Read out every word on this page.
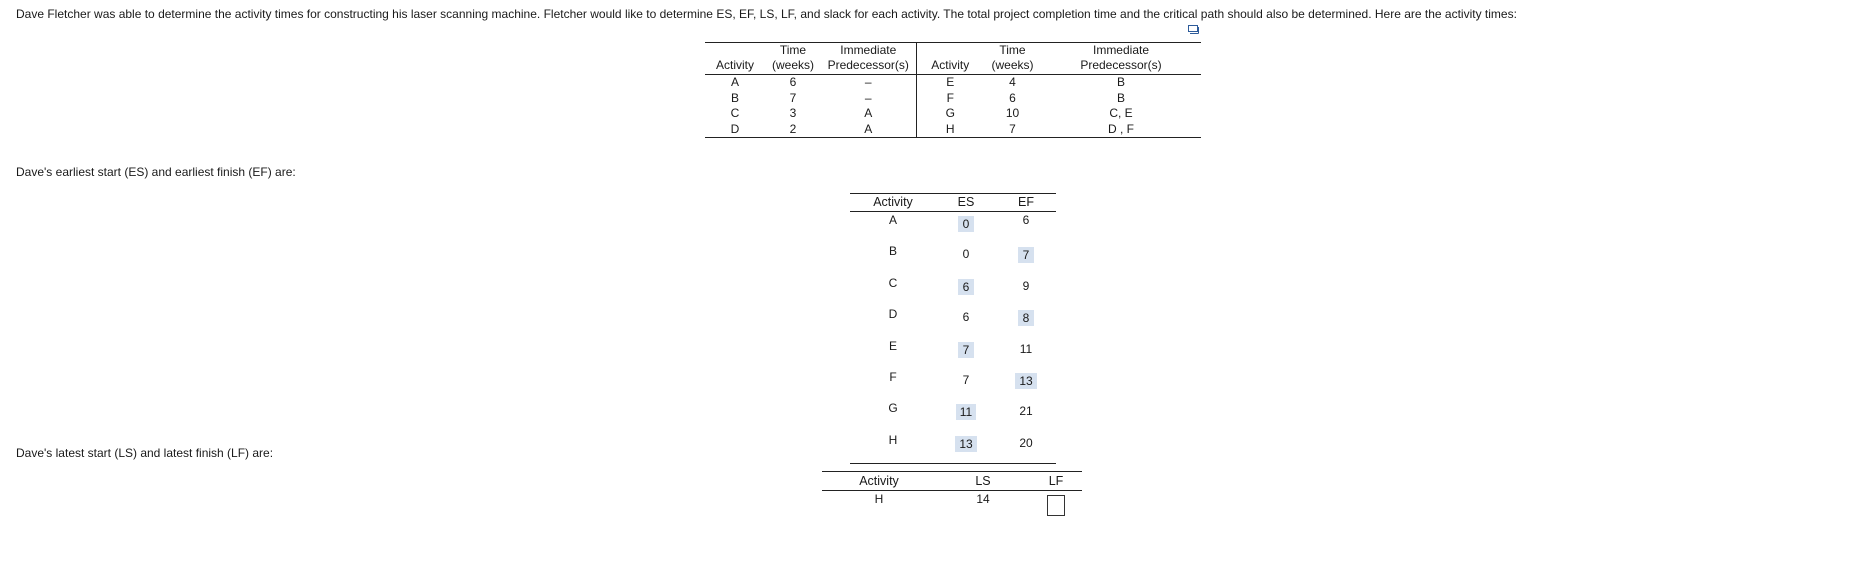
Dave Fletcher was able to determine the activity times for constructing his laser scanning machine. Fletcher would like to determine ES, EF, LS, LF, and slack for each activity. The total project completion time and the critical path should also be determined. Here are the activity times:
	Time	Immediate		Time	Immediate
Activity	(weeks)	Predecessor(s)	Activity	(weeks)	Predecessor(s)
A	6	–	E	4	B
B	7	–	F	6	B
C	3	A	G	10	C, E
D	2	A	H	7	D , F
Dave's earliest start (ES) and earliest finish (EF) are:
Activity	ES	EF
A	0	6
B	0	7
C	6	9
D	6	8
E	7	11
F	7	13
G	11	21
H	13	20
Dave's latest start (LS) and latest finish (LF) are:
Activity	LS	LF
H	14	
